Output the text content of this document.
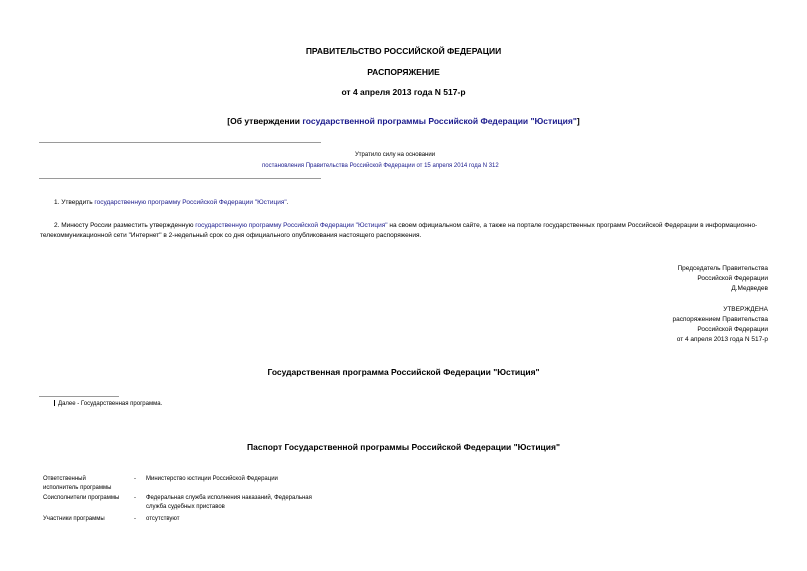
ПРАВИТЕЛЬСТВО РОССИЙСКОЙ ФЕДЕРАЦИИ
РАСПОРЯЖЕНИЕ
от 4 апреля 2013 года N 517-р
[Об утверждении государственной программы Российской Федерации "Юстиция"]
Утратило силу на основании
постановления Правительства Российской Федерации от 15 апреля 2014 года N 312
1. Утвердить государственную программу Российской Федерации "Юстиция".
2. Минюсту России разместить утвержденную государственную программу Российской Федерации "Юстиция" на своем официальном сайте, а также на портале государственных программ Российской Федерации в информационно-телекоммуникационной сети "Интернет" в 2-недельный срок со дня официального опубликования настоящего распоряжения.
Председатель Правительства
Российской Федерации
Д.Медведев
УТВЕРЖДЕНА
распоряжением Правительства
Российской Федерации
от 4 апреля 2013 года N 517-р
Государственная программа Российской Федерации "Юстиция"
Далее - Государственная программа.
Паспорт Государственной программы Российской Федерации "Юстиция"
Ответственный
исполнитель программы
- Министерство юстиции Российской Федерации
Соисполнители программы	- Федеральная служба исполнения наказаний, Федеральная
служба судебных приставов
Участники программы	- отсутствуют
